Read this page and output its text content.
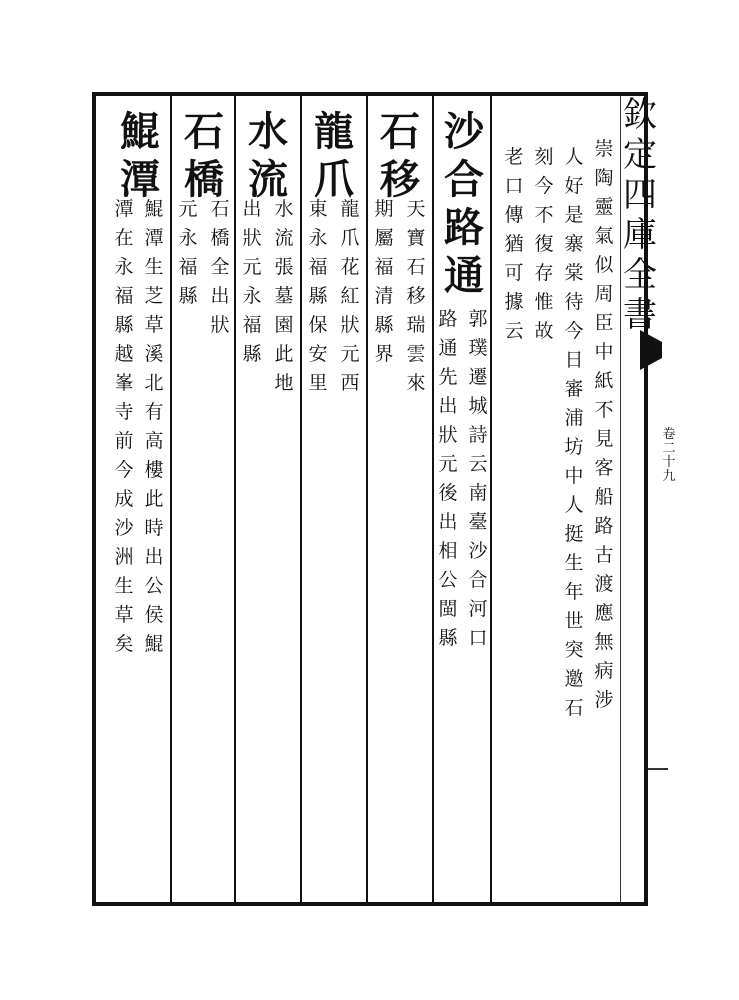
欽
定
四
庫
全
書
卷
二
十
九
崇
陶
靈
氣
似
周
臣
中
紙
不
見
客
船
路
古
渡
應
無
病
涉
人
好
是
寨
棠
待
今
日
審
浦
坊
中
人
挺
生
年
世
突
邀
石
刻
今
不
復
存
惟
故
老
口
傳
猶
可
據
云
沙
合
路
通
郭
璞
遷
城
詩
云
南
臺
沙
合
河
口
路
通
先
出
狀
元
後
出
相
公
閩
縣
石
移
天
寶
石
移
瑞
雲
來
期
屬
福
清
縣
界
龍
爪
龍
爪
花
紅
狀
元
西
東
永
福
縣
保
安
里
水
流
水
流
張
墓
園
此
地
出
狀
元
永
福
縣
石
橋
石
橋
全
出
狀
元
永
福
縣
鯤
潭
鯤
潭
生
芝
草
溪
北
有
高
樓
此
時
出
公
侯
鯤
潭
在
永
福
縣
越
峯
寺
前
今
成
沙
洲
生
草
矣
